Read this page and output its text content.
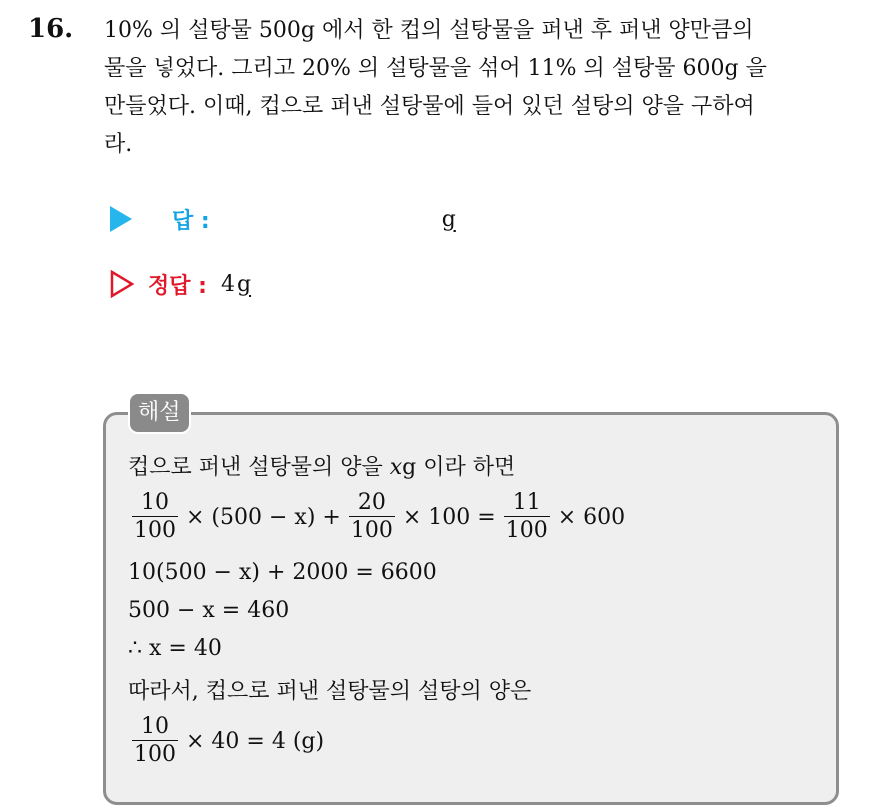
16. 10% 의 설탕물 500g 에서 한 컵의 설탕물을 퍼낸 후 퍼낸 양만큼의
물을 넣었다. 그리고 20% 의 설탕물을 섞어 11% 의 설탕물 600g 을
만들었다. 이때, 컵으로 퍼낸 설탕물에 들어 있던 설탕의 양을 구하여
라.

답 :	g
정답 : 4 g
해설
컵으로 퍼낸 설탕물의 양을 xg 이라 하면
$\frac{10}{100} \times (500 - x) + \frac{20}{100} \times 100 = \frac{11}{100} \times 600$
10(500 − x) + 2000 = 6600
500 − x = 460
∴ x = 40
따라서, 컵으로 퍼낸 설탕물의 설탕의 양은
$\frac{10}{100} \times 40 = 4$ (g)
